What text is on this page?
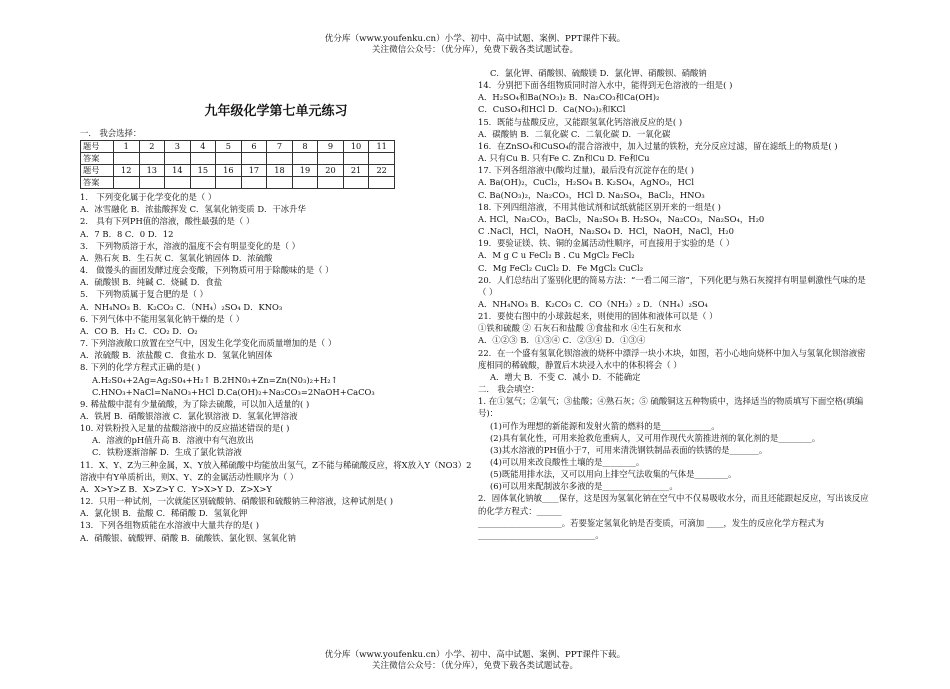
优分库（www.youfenku.cn）小学、初中、高中试题、案例、PPT课件下载。
关注微信公众号：（优分库），免费下载各类试题试卷。
九年级化学第七单元练习
一． 我会选择：
题号	1	2	3	4	5	6	7	8	9	10	11
答案											
题号	12	13	14	15	16	17	18	19	20	21	22
答案											
1． 下列变化属于化学变化的是（ ）
A．冰雪融化 B．浓盐酸挥发 C．氢氧化钠变质 D．干冰升华
2． 具有下列PH值的溶液，酸性最强的是（ ）
A．7 B．8 C．0 D．12
3． 下列物质溶于水，溶液的温度不会有明显变化的是（ ）
A．熟石灰 B．生石灰 C．氢氧化钠固体 D．浓硫酸
4． 做馒头的面团发酵过度会变酸，下列物质可用于除酸味的是（ ）
A．硫酸钡 B．纯碱 C．烧碱 D．食盐
5． 下列物质属于复合肥的是（ ）
A．NH₄NO₃ B．K₂CO₃ C．（NH₄）₂SO₄ D．KNO₃
6. 下列气体中不能用氢氧化钠干燥的是（ ）
A．CO B．H₂ C．CO₂ D．O₂
7. 下列溶液敞口放置在空气中，因发生化学变化而质量增加的是（ ）
A．浓硫酸 B．浓盐酸 C．食盐水 D．氢氧化钠固体
8. 下列的化学方程式正确的是( )
A.H₂S0₄+2Ag=Ag₂S0₄+H₂↑ B.2HN0₃+Zn=Zn(N0₃)₂+H₂↑
C.HNO₃+NaCl=NaNO₃+HCl D.Ca(OH)₂+Na₂CO₃=2NaOH+CaCO₃
9. 稀盐酸中混有少量硫酸，为了除去硫酸，可以加入适量的( )
A．铁屑 B．硝酸银溶液 C．氯化钡溶液 D．氢氧化钾溶液
10. 对铁粉投入足量的盐酸溶液中的反应描述错误的是( )
A．溶液的pH值升高 B．溶液中有气泡放出
C．铁粉逐渐溶解 D．生成了氯化铁溶液
11．X、Y、Z为三种金属，X、Y放入稀硫酸中均能放出氢气，Z不能与稀硫酸反应，将X放入Y（NO3）2溶液中有Y单质析出，则X、Y、Z的金属活动性顺序为（ ）
A．X>Y>Z B．X>Z>Y C．Y>X>Y D．Z>X>Y
12．只用一种试剂，一次就能区别硫酸钠、硝酸银和硫酸钠三种溶液，这种试剂是( )
A．氯化钡 B．盐酸 C．稀硝酸 D．氢氧化钾
13．下列各组物质能在水溶液中大量共存的是( )
A．硝酸银、硫酸钾、硝酸 B．硫酸铁、氯化钡、氢氧化钠
C．氯化钾、硝酸钡、硫酸镁 D．氯化钾、硝酸钡、硝酸钠
14．分别把下面各组物质同时溶入水中，能得到无色溶液的一组是( )
A．H₂SO₄和Ba(NO₃)₂ B．Na₂CO₃和Ca(OH)₂
C．CuSO₄和HCl D．Ca(NO₃)₂和KCl
15．既能与盐酸反应，又能跟氢氧化钙溶液反应的是( )
A．碳酸钠 B．二氧化碳 C．二氧化碳 D．一氧化碳
16．在ZnSO₄和CuSO₄的混合溶液中，加入过量的铁粉，充分反应过滤，留在滤纸上的物质是( )
A. 只有Cu B. 只有Fe C. Zn和Cu D. Fe和Cu
17. 下列各组溶液中(酸均过量)，最后没有沉淀存在的是( )
A. Ba(OH)₂，CuCl₂，H₂SO₄ B. K₂SO₄，AgNO₃，HCl
C. Ba(NO₃)₂，Na₂CO₃，HCl D. Na₂SO₄，BaCl₂，HNO₃
18. 下列四组溶液，不用其他试剂和试纸就能区别开来的一组是( )
A. HCl，Na₂CO₃，BaCl₂，Na₂SO₄ B. H₂SO₄，Na₂CO₃，Na₂SO₄，H₂0
C .NaCl，HCl，NaOH，Na₂SO₄ D．HCl，NaOH，NaCl，H₂0
19．要验证镁、铁、铜的金属活动性顺序，可直接用于实验的是（ ）
A．M g C u FeCl₂ B . Cu MgCl₂ FeCl₂
C．Mg FeCl₂ CuCl₂ D．Fe MgCl₂ CuCl₂
20．人们总结出了鉴别化肥的简易方法：“一看二闻三溶”，下列化肥与熟石灰搅拌有明显刺激性气味的是（ ）
A．NH₄NO₃ B．K₂CO₃ C．CO（NH₂）₂ D．（NH₄）₂SO₄
21．要使右图中的小球鼓起来，则使用的固体和液体可以是（ ）
①铁和硫酸 ② 石灰石和盐酸 ③食盐和水 ④生石灰和水
A．①②③ B．①③④ C．②③④ D．①③④
22．在一个盛有氢氧化钡溶液的烧杯中漂浮一块小木块，如图，若小心地向烧杯中加入与氢氧化钡溶液密度相同的稀硫酸，静置后木块浸入水中的体积将会（ ）
A．增大 B．不变 C．减小 D．不能确定
二． 我会填空：
1. 在①氢气；②氧气；③盐酸；④熟石灰；⑤ 硫酸铜这五种物质中，选择适当的物质填写下面空格(填编号)：
(1)可作为理想的新能源和发射火箭的燃料的是____________。
(2)具有氧化性，可用来抢救危重病人，又可用作现代火箭推进剂的氧化剂的是________。
(3)其水溶液的PH值小于7，可用来清洗钢铁制品表面的铁锈的是_______。
(4)可以用来改良酸性土壤的是________。
(5)既能用排水法，又可以用向上排空气法收集的气体是________。
(6)可以用来配制波尔多液的是________________。
2．固体氧化钠敏____保存，这是因为氢氧化钠在空气中不仅易吸收水分，而且还能跟起反应，写出该反应的化学方程式：______
____________________。若要鉴定氢氧化钠是否变质，可滴加 ____，发生的反应化学方程式为
____________________________。
优分库（www.youfenku.cn）小学、初中、高中试题、案例、PPT课件下载。
关注微信公众号：（优分库），免费下载各类试题试卷。
